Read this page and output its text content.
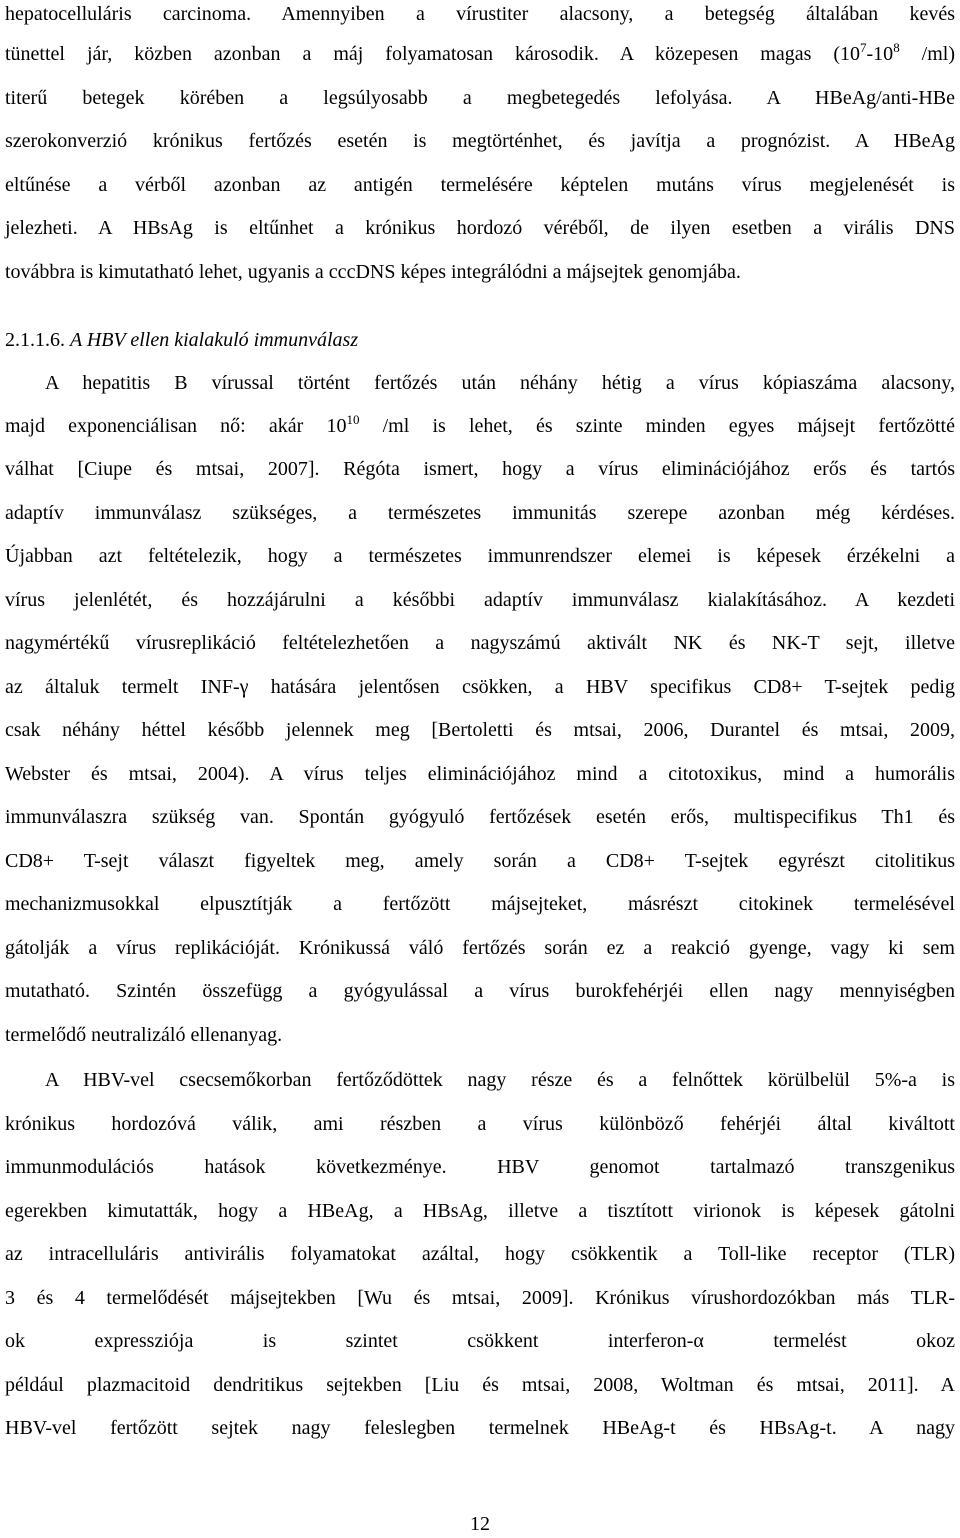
hepatocelluláris carcinoma. Amennyiben a vírustiter alacsony, a betegség általában kevés
tünettel jár, közben azonban a máj folyamatosan károsodik. A közepesen magas ($10^7-10^8$ /ml)
titerű betegek körében a legsúlyosabb a megbetegedés lefolyása. A HBeAg/anti-HBe
szerokonverzió krónikus fertőzés esetén is megtörténhet, és javítja a prognózist. A HBeAg
eltűnése a vérből azonban az antigén termelésére képtelen mutáns vírus megjelenését is
jelezheti. A HBsAg is eltűnhet a krónikus hordozó véréből, de ilyen esetben a virális DNS
továbbra is kimutatható lehet, ugyanis a cccDNS képes integrálódni a májsejtek genomjába.
2.1.1.6. A HBV ellen kialakuló immunválasz
A hepatitis B vírussal történt fertőzés után néhány hétig a vírus kópiaszáma alacsony,
majd exponenciálisan nő: akár $10^{10}$ /ml is lehet, és szinte minden egyes májsejt fertőzötté
válhat [Ciupe és mtsai, 2007]. Régóta ismert, hogy a vírus eliminációjához erős és tartós
adaptív immunválasz szükséges, a természetes immunitás szerepe azonban még kérdéses.
Újabban azt feltételezik, hogy a természetes immunrendszer elemei is képesek érzékelni a
vírus jelenlétét, és hozzájárulni a későbbi adaptív immunválasz kialakításához. A kezdeti
nagymértékű vírusreplikáció feltételezhetően a nagyszámú aktivált NK és NK-T sejt, illetve
az általuk termelt INF-γ hatására jelentősen csökken, a HBV specifikus CD8+ T-sejtek pedig
csak néhány héttel később jelennek meg [Bertoletti és mtsai, 2006, Durantel és mtsai, 2009,
Webster és mtsai, 2004). A vírus teljes eliminációjához mind a citotoxikus, mind a humorális
immunválaszra szükség van. Spontán gyógyuló fertőzések esetén erős, multispecifikus Th1 és
CD8+ T-sejt választ figyeltek meg, amely során a CD8+ T-sejtek egyrészt citolitikus
mechanizmusokkal elpusztítják a fertőzött májsejteket, másrészt citokinek termelésével
gátolják a vírus replikációját. Krónikussá váló fertőzés során ez a reakció gyenge, vagy ki sem
mutatható. Szintén összefügg a gyógyulással a vírus burokfehérjéi ellen nagy mennyiségben
termelődő neutralizáló ellenanyag.
A HBV-vel csecsemőkorban fertőződöttek nagy része és a felnőttek körülbelül 5%-a is
krónikus hordozóvá válik, ami részben a vírus különböző fehérjéi által kiváltott
immunmodulációs hatások következménye. HBV genomot tartalmazó transzgenikus
egerekben kimutatták, hogy a HBeAg, a HBsAg, illetve a tisztított virionok is képesek gátolni
az intracelluláris antivirális folyamatokat azáltal, hogy csökkentik a Toll-like receptor (TLR)
3 és 4 termelődését májsejtekben [Wu és mtsai, 2009]. Krónikus vírushordozókban más TLR-
ok expressziója is szintet csökkent interferon-α termelést okoz
például plazmacitoid dendritikus sejtekben [Liu és mtsai, 2008, Woltman és mtsai, 2011]. A
HBV-vel fertőzött sejtek nagy feleslegben termelnek HBeAg-t és HBsAg-t. A nagy
12
